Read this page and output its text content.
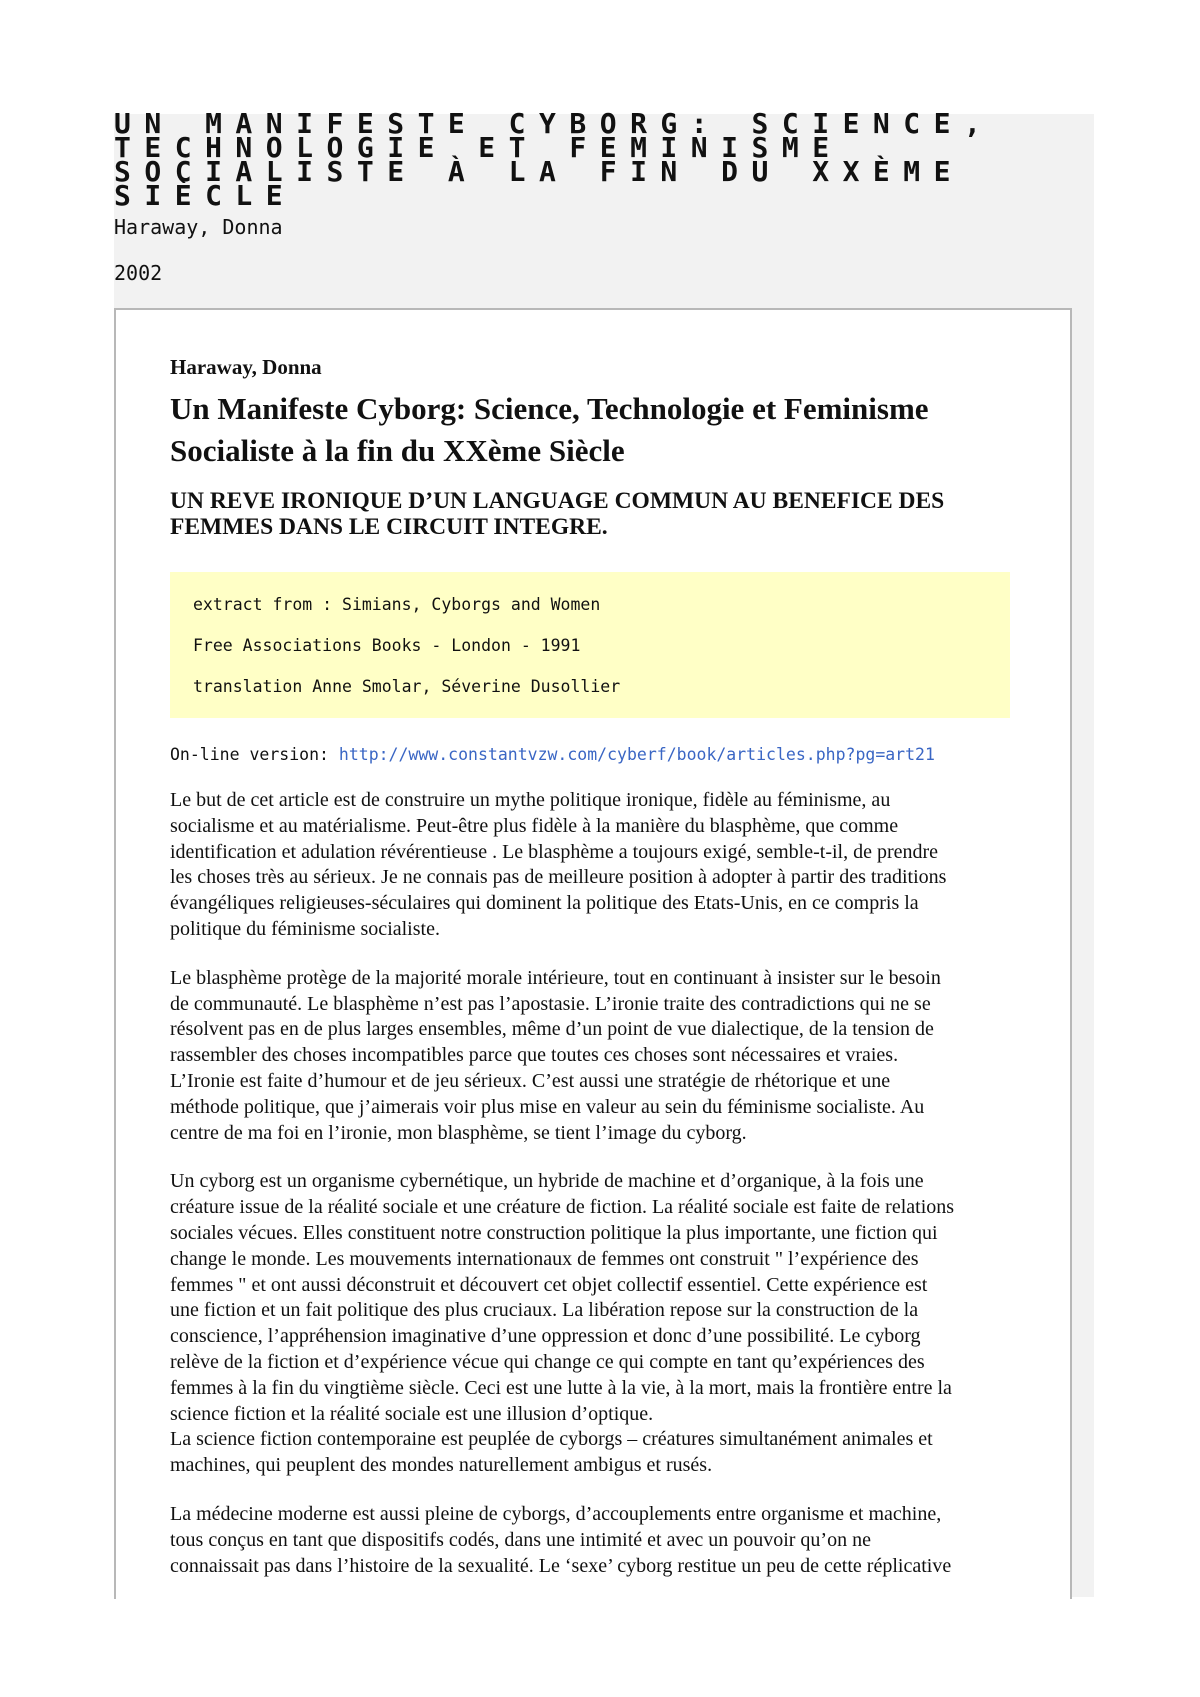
UN MANIFESTE CYBORG: SCIENCE, TECHNOLOGIE ET FEMINISME SOCIALISTE À LA FIN DU XXÈME SIÈCLE

Haraway, Donna

2002

Haraway, Donna

Un Manifeste Cyborg: Science, Technologie et Feminisme Socialiste à la fin du XXème Siècle
UN REVE IRONIQUE D’UN LANGUAGE COMMUN AU BENEFICE DES FEMMES DANS LE CIRCUIT INTEGRE.

extract from : Simians, Cyborgs and Women

Free Associations Books - London - 1991

translation Anne Smolar, Séverine Dusollier

On-line version: http://www.constantvzw.com/cyberf/book/articles.php?pg=art21

Le but de cet article est de construire un mythe politique ironique, fidèle au féminisme, au
socialisme et au matérialisme. Peut-être plus fidèle à la manière du blasphème, que comme
identification et adulation révérentieuse . Le blasphème a toujours exigé, semble-t-il, de prendre
les choses très au sérieux. Je ne connais pas de meilleure position à adopter à partir des traditions
évangéliques religieuses-séculaires qui dominent la politique des Etats-Unis, en ce compris la
politique du féminisme socialiste.

Le blasphème protège de la majorité morale intérieure, tout en continuant à insister sur le besoin
de communauté. Le blasphème n’est pas l’apostasie. L’ironie traite des contradictions qui ne se
résolvent pas en de plus larges ensembles, même d’un point de vue dialectique, de la tension de
rassembler des choses incompatibles parce que toutes ces choses sont nécessaires et vraies.
L’Ironie est faite d’humour et de jeu sérieux. C’est aussi une stratégie de rhétorique et une
méthode politique, que j’aimerais voir plus mise en valeur au sein du féminisme socialiste. Au
centre de ma foi en l’ironie, mon blasphème, se tient l’image du cyborg.

Un cyborg est un organisme cybernétique, un hybride de machine et d’organique, à la fois une
créature issue de la réalité sociale et une créature de fiction. La réalité sociale est faite de relations
sociales vécues. Elles constituent notre construction politique la plus importante, une fiction qui
change le monde. Les mouvements internationaux de femmes ont construit " l’expérience des
femmes " et ont aussi déconstruit et découvert cet objet collectif essentiel. Cette expérience est
une fiction et un fait politique des plus cruciaux. La libération repose sur la construction de la
conscience, l’appréhension imaginative d’une oppression et donc d’une possibilité. Le cyborg
relève de la fiction et d’expérience vécue qui change ce qui compte en tant qu’expériences des
femmes à la fin du vingtième siècle. Ceci est une lutte à la vie, à la mort, mais la frontière entre la
science fiction et la réalité sociale est une illusion d’optique.
La science fiction contemporaine est peuplée de cyborgs – créatures simultanément animales et
machines, qui peuplent des mondes naturellement ambigus et rusés.

La médecine moderne est aussi pleine de cyborgs, d’accouplements entre organisme et machine,
tous conçus en tant que dispositifs codés, dans une intimité et avec un pouvoir qu’on ne
connaissait pas dans l’histoire de la sexualité. Le ‘sexe’ cyborg restitue un peu de cette réplicative
